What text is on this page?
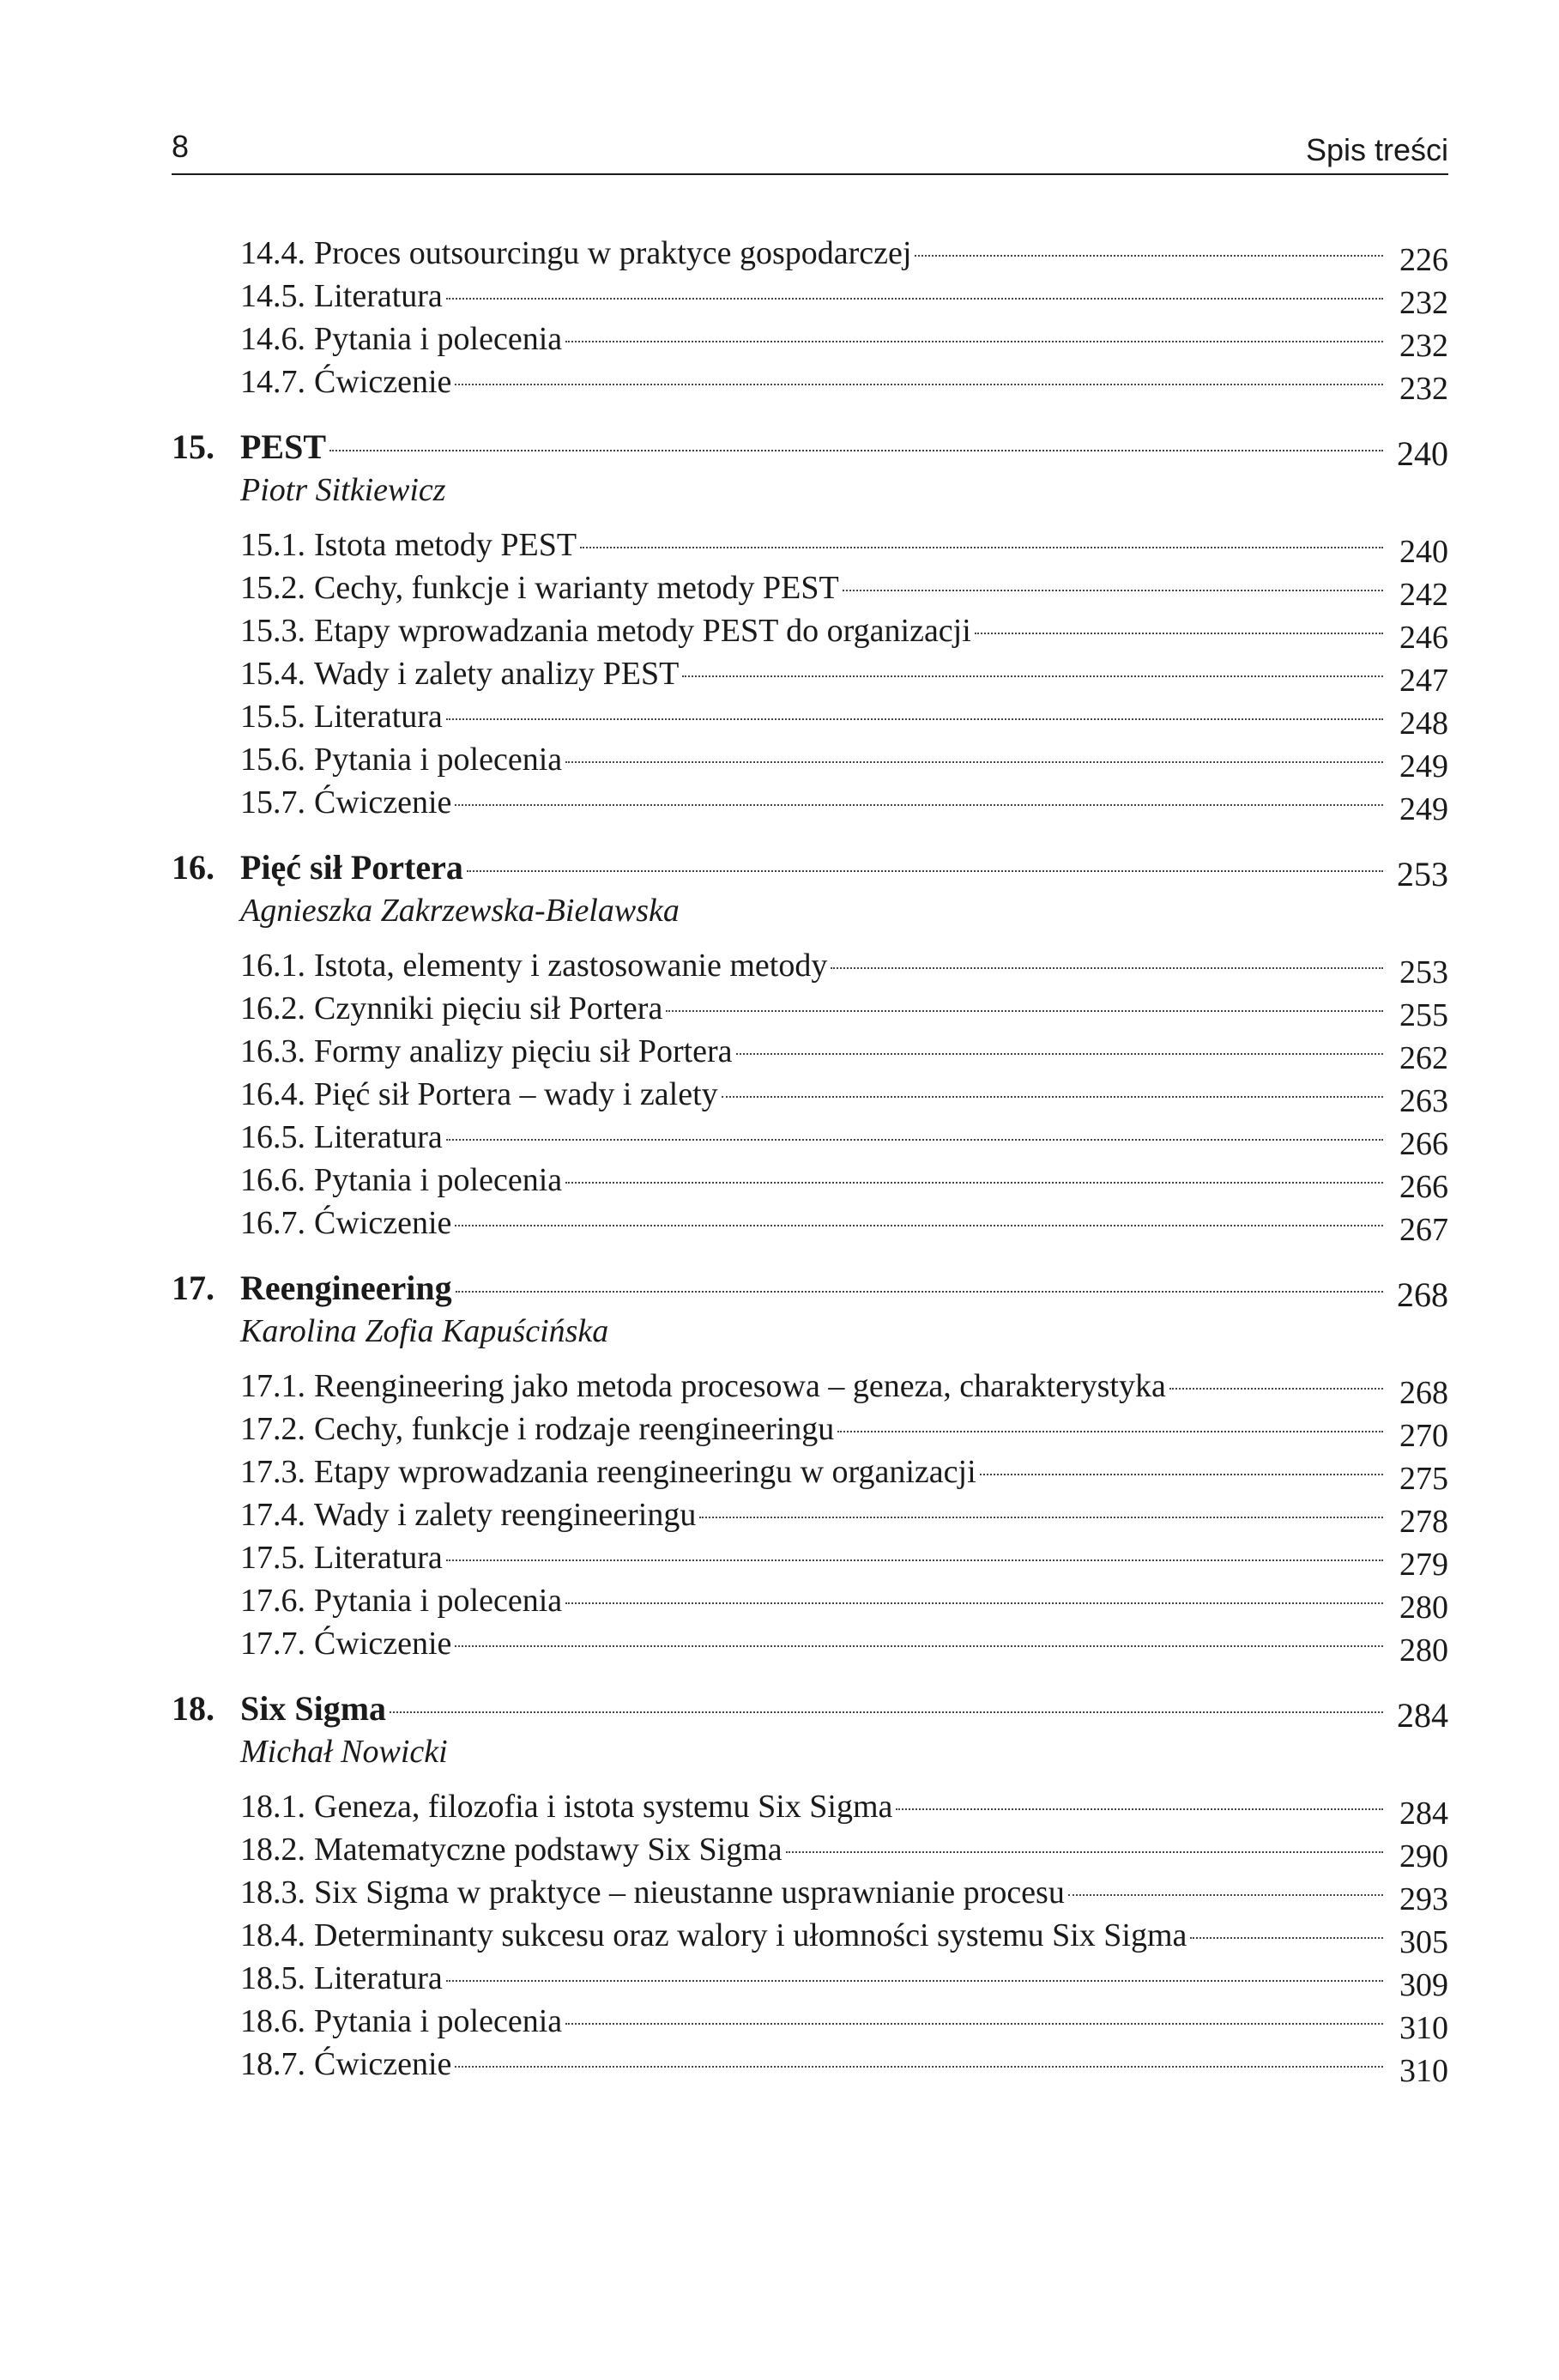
8	Spis treści
14.4. Proces outsourcingu w praktyce gospodarczej	226
14.5. Literatura	232
14.6. Pytania i polecenia	232
14.7. Ćwiczenie	232
15. PEST	240
Piotr Sitkiewicz
15.1. Istota metody PEST	240
15.2. Cechy, funkcje i warianty metody PEST	242
15.3. Etapy wprowadzania metody PEST do organizacji	246
15.4. Wady i zalety analizy PEST	247
15.5. Literatura	248
15.6. Pytania i polecenia	249
15.7. Ćwiczenie	249
16. Pięć sił Portera	253
Agnieszka Zakrzewska-Bielawska
16.1. Istota, elementy i zastosowanie metody	253
16.2. Czynniki pięciu sił Portera	255
16.3. Formy analizy pięciu sił Portera	262
16.4. Pięć sił Portera – wady i zalety	263
16.5. Literatura	266
16.6. Pytania i polecenia	266
16.7. Ćwiczenie	267
17. Reengineering	268
Karolina Zofia Kapuścińska
17.1. Reengineering jako metoda procesowa – geneza, charakterystyka	268
17.2. Cechy, funkcje i rodzaje reengineeringu	270
17.3. Etapy wprowadzania reengineeringu w organizacji	275
17.4. Wady i zalety reengineeringu	278
17.5. Literatura	279
17.6. Pytania i polecenia	280
17.7. Ćwiczenie	280
18. Six Sigma	284
Michał Nowicki
18.1. Geneza, filozofia i istota systemu Six Sigma	284
18.2. Matematyczne podstawy Six Sigma	290
18.3. Six Sigma w praktyce – nieustanne usprawnianie procesu	293
18.4. Determinanty sukcesu oraz walory i ułomności systemu Six Sigma	305
18.5. Literatura	309
18.6. Pytania i polecenia	310
18.7. Ćwiczenie	310
